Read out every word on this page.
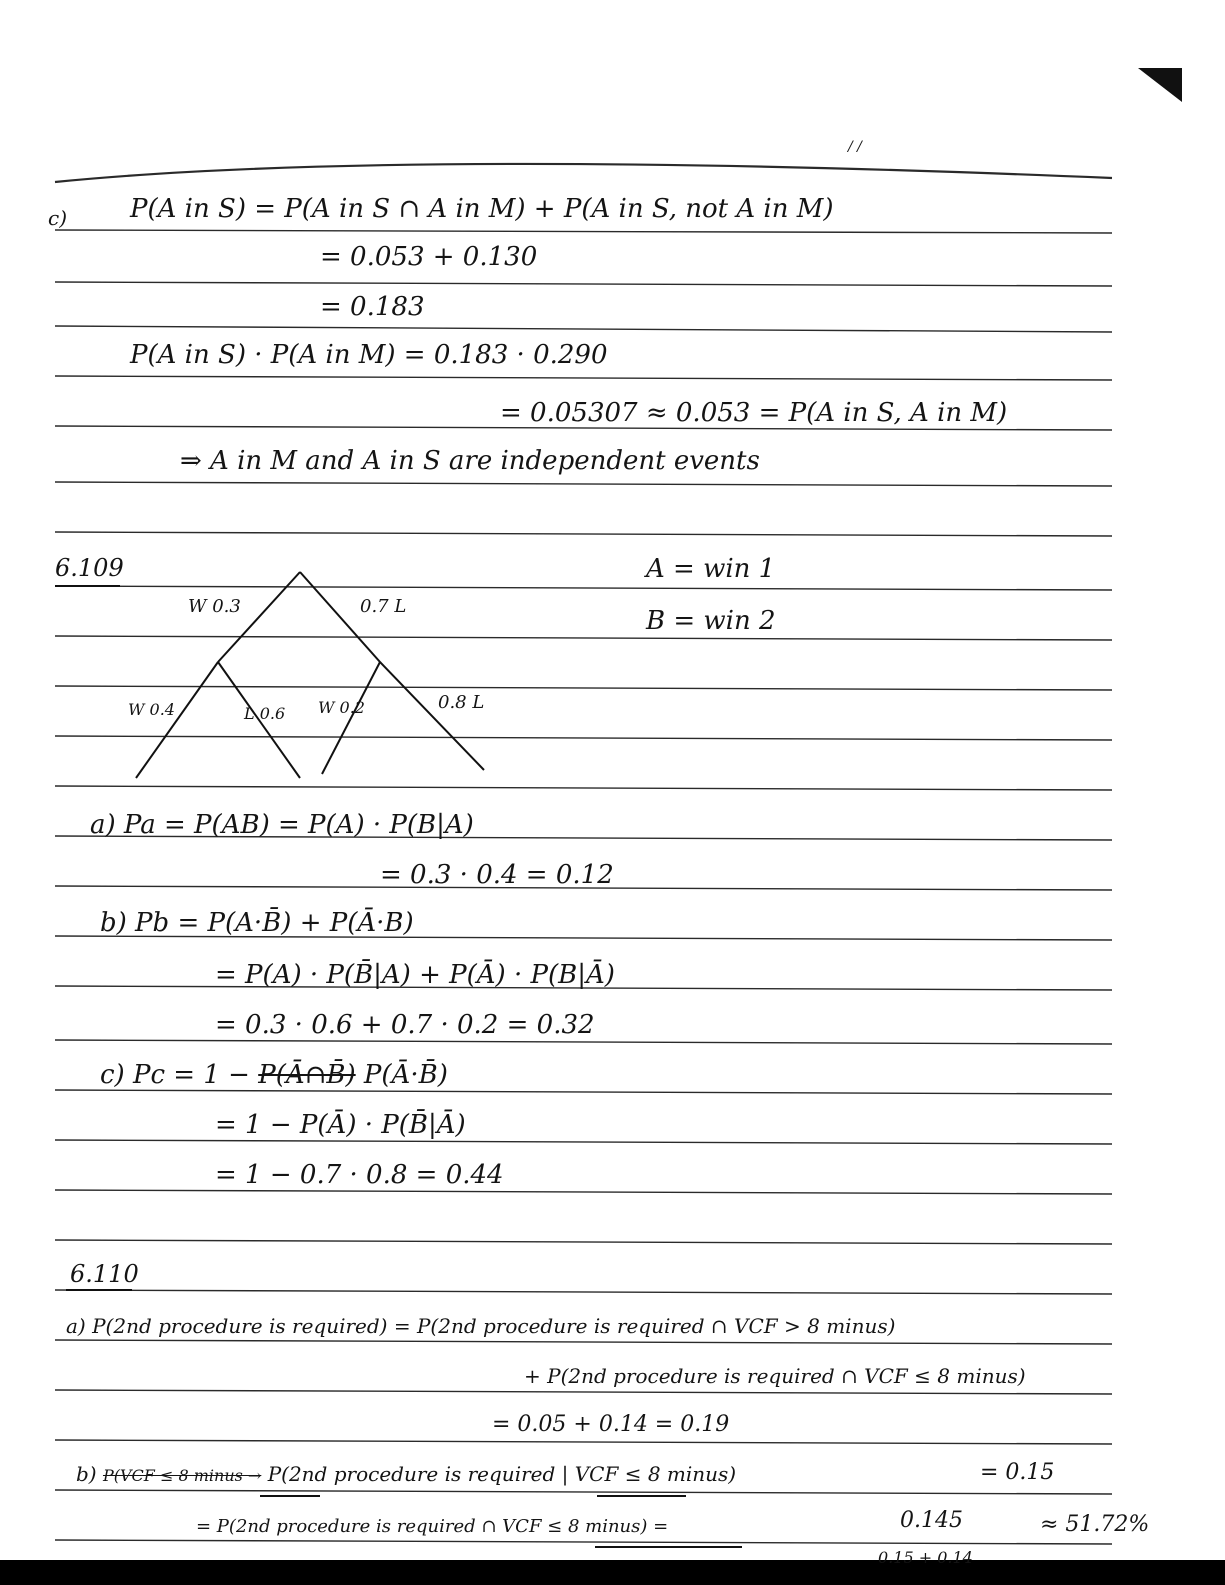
/ /
c) P(A in S) = P(A in S ∩ A in M) + P(A in S, not A in M)
= 0.053 + 0.130
= 0.183
P(A in S) · P(A in M) = 0.183 · 0.290
= 0.05307 ≈ 0.053 = P(A in S, A in M)
⇒ A in M and A in S are independent events
6.109	A = win 1
B = win 2
W 0.3	0.7 L
W 0.4	L 0.6 W 0.2	0.8 L
a) Pa = P(AB) = P(A) · P(B|A)
= 0.3 · 0.4 = 0.12
b) Pb = P(A·B̄) + P(Ā·B)
= P(A) · P(B̄|A) + P(Ā) · P(B|Ā)
= 0.3 · 0.6 + 0.7 · 0.2 = 0.32
c) Pc = 1 − P(Ā∩B̄) P(Ā·B̄)
= 1 − P(Ā) · P(B̄|Ā)
= 1 − 0.7 · 0.8 = 0.44
6.110
a) P(2nd procedure is required) = P(2nd procedure is required ∩ VCF > 8 minus)
+ P(2nd procedure is required ∩ VCF ≤ 8 minus)
= 0.05 + 0.14 = 0.19
b) P(VCF ≤ 8 minus → P(2nd procedure is required | VCF ≤ 8 minus)	= 0.15
= P(2nd procedure is required ∩ VCF ≤ 8 minus) =	0.145	≈ 51.72%
0.15 + 0.14
